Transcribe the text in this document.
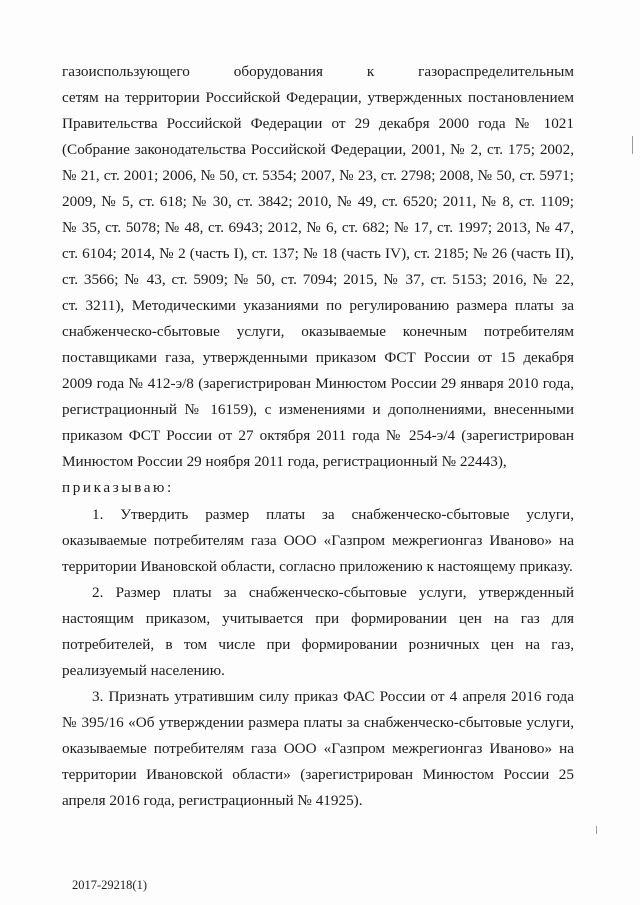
газоиспользующего оборудования к газораспределительным
сетям на территории Российской Федерации, утвержденных постановлением
Правительства Российской Федерации от 29 декабря 2000 года № 1021
(Собрание законодательства Российской Федерации, 2001, № 2, ст. 175; 2002,
№ 21, ст. 2001; 2006, № 50, ст. 5354; 2007, № 23, ст. 2798; 2008, № 50, ст. 5971;
2009, № 5, ст. 618; № 30, ст. 3842; 2010, № 49, ст. 6520; 2011, № 8, ст. 1109;
№ 35, ст. 5078; № 48, ст. 6943; 2012, № 6, ст. 682; № 17, ст. 1997; 2013, № 47,
ст. 6104; 2014, № 2 (часть I), ст. 137; № 18 (часть IV), ст. 2185; № 26 (часть II),
ст. 3566; № 43, ст. 5909; № 50, ст. 7094; 2015, № 37, ст. 5153; 2016, № 22,
ст. 3211), Методическими указаниями по регулированию размера платы за
снабженческо-сбытовые услуги, оказываемые конечным потребителям
поставщиками газа, утвержденными приказом ФСТ России от 15 декабря
2009 года № 412-э/8 (зарегистрирован Минюстом России 29 января 2010 года,
регистрационный № 16159), с изменениями и дополнениями, внесенными
приказом ФСТ России от 27 октября 2011 года № 254-э/4 (зарегистрирован
Минюстом России 29 ноября 2011 года, регистрационный № 22443),
приказываю:
1. Утвердить размер платы за снабженческо-сбытовые услуги,
оказываемые потребителям газа ООО «Газпром межрегионгаз Иваново» на
территории Ивановской области, согласно приложению к настоящему приказу.
2. Размер платы за снабженческо-сбытовые услуги, утвержденный
настоящим приказом, учитывается при формировании цен на газ для
потребителей, в том числе при формировании розничных цен на газ,
реализуемый населению.
3. Признать утратившим силу приказ ФАС России от 4 апреля 2016 года
№ 395/16 «Об утверждении размера платы за снабженческо-сбытовые услуги,
оказываемые потребителям газа ООО «Газпром межрегионгаз Иваново» на
территории Ивановской области» (зарегистрирован Минюстом России 25
апреля 2016 года, регистрационный № 41925).
2017-29218(1)
